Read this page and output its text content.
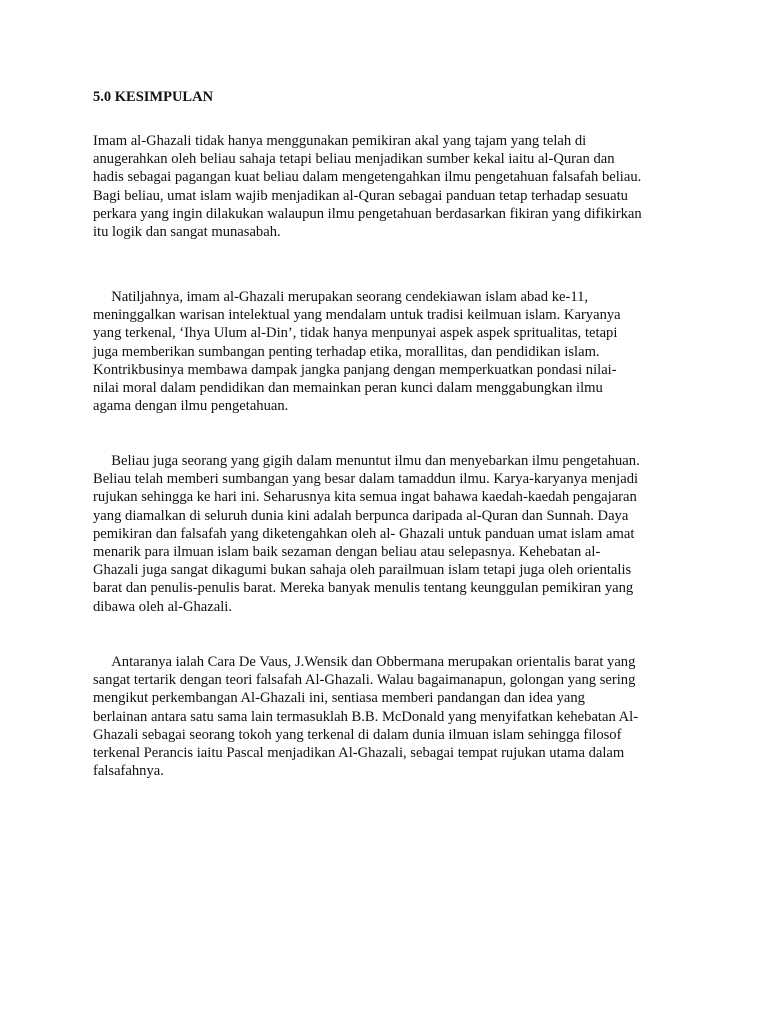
5.0 KESIMPULAN

Imam al-Ghazali tidak hanya menggunakan pemikiran akal yang tajam yang telah di
anugerahkan oleh beliau sahaja tetapi beliau menjadikan sumber kekal iaitu al-Quran dan
hadis sebagai pagangan kuat beliau dalam mengetengahkan ilmu pengetahuan falsafah beliau.
Bagi beliau, umat islam wajib menjadikan al-Quran sebagai panduan tetap terhadap sesuatu
perkara yang ingin dilakukan walaupun ilmu pengetahuan berdasarkan fikiran yang difikirkan
itu logik dan sangat munasabah.

Natiljahnya, imam al-Ghazali merupakan seorang cendekiawan islam abad ke-11,
meninggalkan warisan intelektual yang mendalam untuk tradisi keilmuan islam. Karyanya
yang terkenal, ‘Ihya Ulum al-Din’, tidak hanya menpunyai aspek aspek spritualitas, tetapi
juga memberikan sumbangan penting terhadap etika, morallitas, dan pendidikan islam.
Kontrikbusinya membawa dampak jangka panjang dengan memperkuatkan pondasi nilai-
nilai moral dalam pendidikan dan memainkan peran kunci dalam menggabungkan ilmu
agama dengan ilmu pengetahuan.

Beliau juga seorang yang gigih dalam menuntut ilmu dan menyebarkan ilmu pengetahuan.
Beliau telah memberi sumbangan yang besar dalam tamaddun ilmu. Karya-karyanya menjadi
rujukan sehingga ke hari ini. Seharusnya kita semua ingat bahawa kaedah-kaedah pengajaran
yang diamalkan di seluruh dunia kini adalah berpunca daripada al-Quran dan Sunnah. Daya
pemikiran dan falsafah yang diketengahkan oleh al- Ghazali untuk panduan umat islam amat
menarik para ilmuan islam baik sezaman dengan beliau atau selepasnya. Kehebatan al-
Ghazali juga sangat dikagumi bukan sahaja oleh parailmuan islam tetapi juga oleh orientalis
barat dan penulis-penulis barat. Mereka banyak menulis tentang keunggulan pemikiran yang
dibawa oleh al-Ghazali.

Antaranya ialah Cara De Vaus, J.Wensik dan Obbermana merupakan orientalis barat yang
sangat tertarik dengan teori falsafah Al-Ghazali. Walau bagaimanapun, golongan yang sering
mengikut perkembangan Al-Ghazali ini, sentiasa memberi pandangan dan idea yang
berlainan antara satu sama lain termasuklah B.B. McDonald yang menyifatkan kehebatan Al-
Ghazali sebagai seorang tokoh yang terkenal di dalam dunia ilmuan islam sehingga filosof
terkenal Perancis iaitu Pascal menjadikan Al-Ghazali, sebagai tempat rujukan utama dalam
falsafahnya.
